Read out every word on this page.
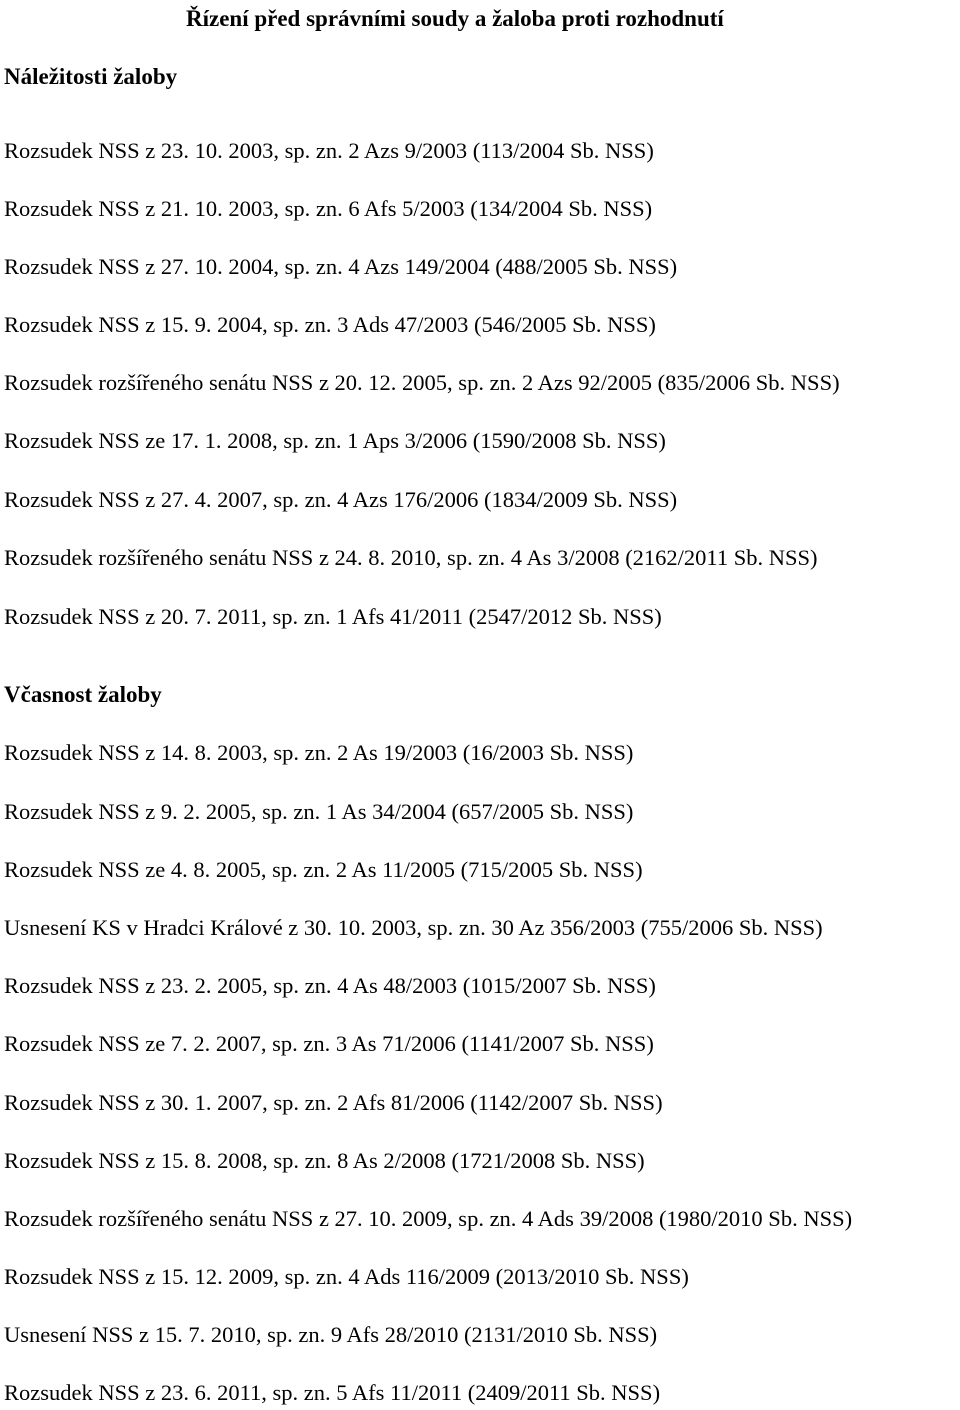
Řízení před správními soudy a žaloba proti rozhodnutí
Náležitosti žaloby
Rozsudek NSS z 23. 10. 2003, sp. zn. 2 Azs 9/2003 (113/2004 Sb. NSS)
Rozsudek NSS z 21. 10. 2003, sp. zn. 6 Afs 5/2003 (134/2004 Sb. NSS)
Rozsudek NSS z 27. 10. 2004, sp. zn. 4 Azs 149/2004 (488/2005 Sb. NSS)
Rozsudek NSS z 15. 9. 2004, sp. zn. 3 Ads 47/2003 (546/2005 Sb. NSS)
Rozsudek rozšířeného senátu NSS z 20. 12. 2005, sp. zn. 2 Azs 92/2005 (835/2006 Sb. NSS)
Rozsudek NSS ze 17. 1. 2008, sp. zn. 1 Aps 3/2006 (1590/2008 Sb. NSS)
Rozsudek NSS z 27. 4. 2007, sp. zn. 4 Azs 176/2006 (1834/2009 Sb. NSS)
Rozsudek rozšířeného senátu NSS z 24. 8. 2010, sp. zn. 4 As 3/2008 (2162/2011 Sb. NSS)
Rozsudek NSS z 20. 7. 2011, sp. zn. 1 Afs 41/2011 (2547/2012 Sb. NSS)
Včasnost žaloby
Rozsudek NSS z 14. 8. 2003, sp. zn. 2 As 19/2003 (16/2003 Sb. NSS)
Rozsudek NSS z 9. 2. 2005, sp. zn. 1 As 34/2004 (657/2005 Sb. NSS)
Rozsudek NSS ze 4. 8. 2005, sp. zn. 2 As 11/2005 (715/2005 Sb. NSS)
Usnesení KS v Hradci Králové z 30. 10. 2003, sp. zn. 30 Az 356/2003 (755/2006 Sb. NSS)
Rozsudek NSS z 23. 2. 2005, sp. zn. 4 As 48/2003 (1015/2007 Sb. NSS)
Rozsudek NSS ze 7. 2. 2007, sp. zn. 3 As 71/2006 (1141/2007 Sb. NSS)
Rozsudek NSS z 30. 1. 2007, sp. zn. 2 Afs 81/2006 (1142/2007 Sb. NSS)
Rozsudek NSS z 15. 8. 2008, sp. zn. 8 As 2/2008 (1721/2008 Sb. NSS)
Rozsudek rozšířeného senátu NSS z 27. 10. 2009, sp. zn. 4 Ads 39/2008 (1980/2010 Sb. NSS)
Rozsudek NSS z 15. 12. 2009, sp. zn. 4 Ads 116/2009 (2013/2010 Sb. NSS)
Usnesení NSS z 15. 7. 2010, sp. zn. 9 Afs 28/2010 (2131/2010 Sb. NSS)
Rozsudek NSS z 23. 6. 2011, sp. zn. 5 Afs 11/2011 (2409/2011 Sb. NSS)
